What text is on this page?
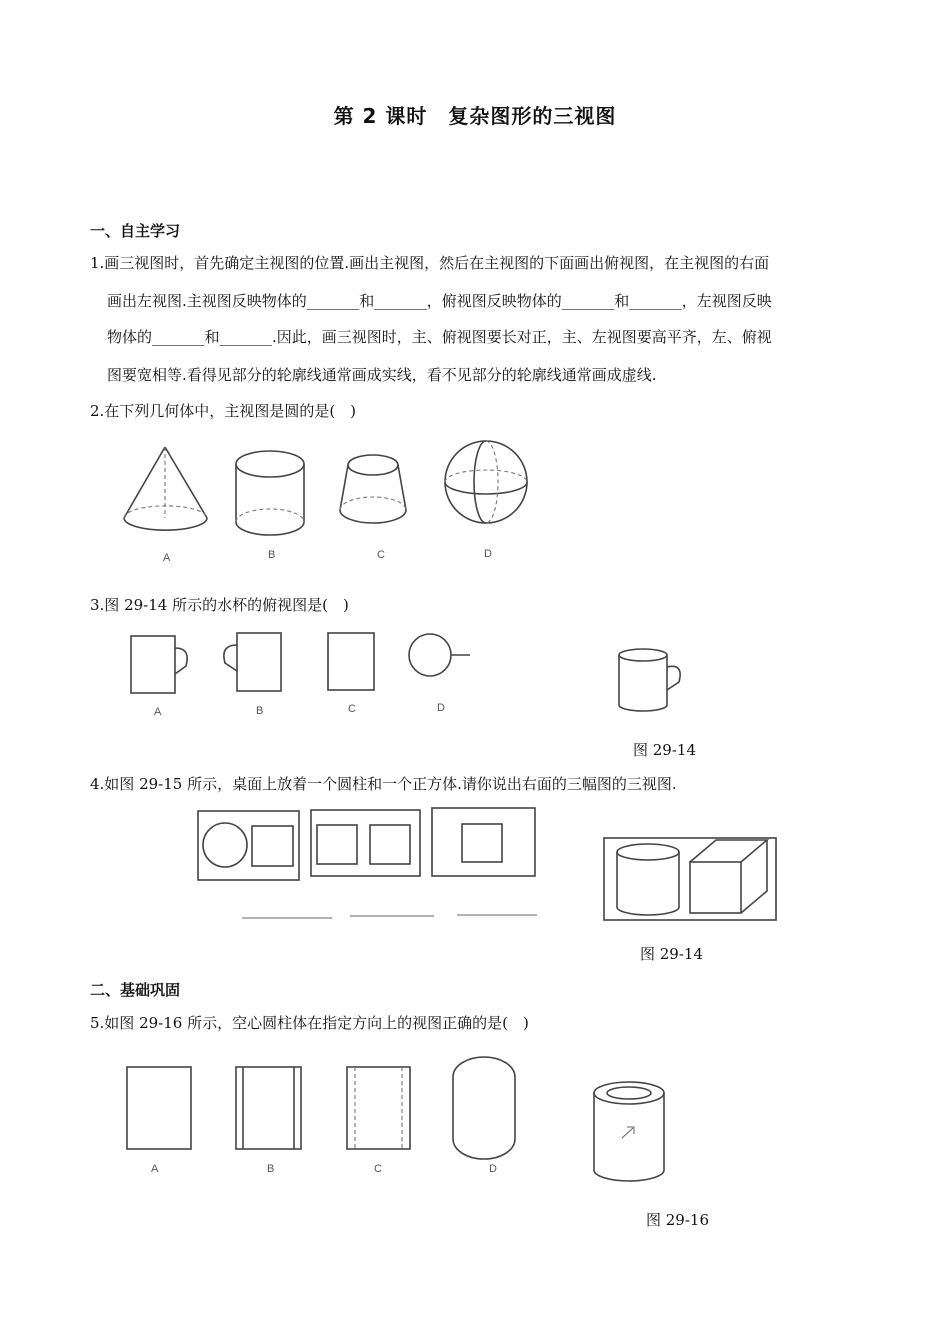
第 2 课时　复杂图形的三视图
一、自主学习
1.画三视图时，首先确定主视图的位置.画出主视图，然后在主视图的下面画出俯视图，在主视图的右面
画出左视图.主视图反映物体的_______和_______，俯视图反映物体的_______和_______，左视图反映
物体的_______和_______.因此，画三视图时，主、俯视图要长对正，主、左视图要高平齐，左、俯视
图要宽相等.看得见部分的轮廓线通常画成实线，看不见部分的轮廓线通常画成虚线.
2.在下列几何体中，主视图是圆的是(　)
A	B	C	D
3.图 29-14 所示的水杯的俯视图是(　)
A	B	C	D
图 29-14
4.如图 29-15 所示，桌面上放着一个圆柱和一个正方体.请你说出右面的三幅图的三视图.
图 29-14
二、基础巩固
5.如图 29-16 所示，空心圆柱体在指定方向上的视图正确的是(　)
A	B	C	D
图 29-16
